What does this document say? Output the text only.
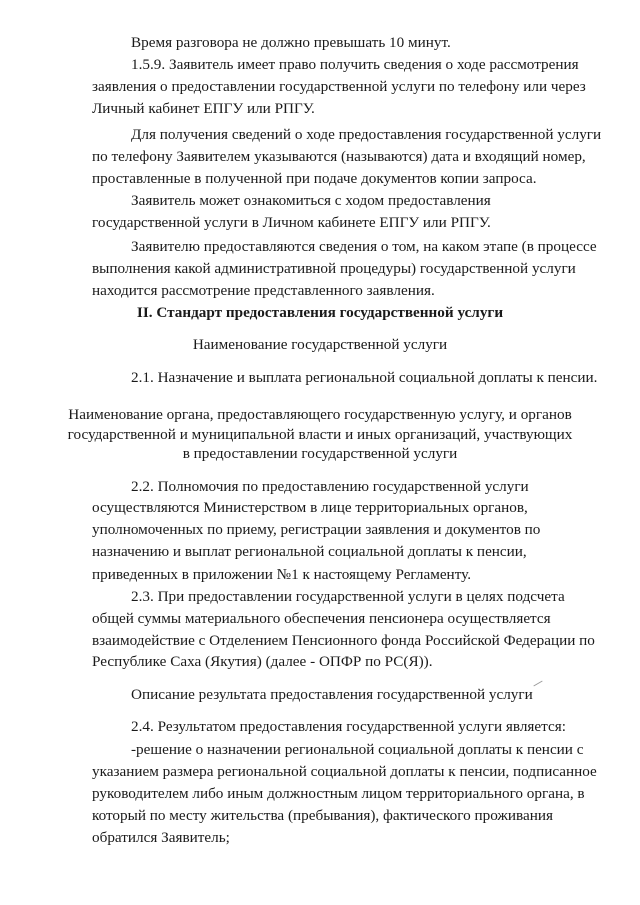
Время разговора не должно превышать 10 минут.
1.5.9. Заявитель имеет право получить сведения о ходе рассмотрения
заявления о предоставлении государственной услуги по телефону или через
Личный кабинет ЕПГУ или РПГУ.
Для получения сведений о ходе предоставления государственной услуги
по телефону Заявителем указываются (называются) дата и входящий номер,
проставленные в полученной при подаче документов копии запроса.
Заявитель может ознакомиться с ходом предоставления
государственной услуги в Личном кабинете ЕПГУ или РПГУ.
Заявителю предоставляются сведения о том, на каком этапе (в процессе
выполнения какой административной процедуры) государственной услуги
находится рассмотрение представленного заявления.
II. Стандарт предоставления государственной услуги
Наименование государственной услуги
2.1. Назначение и выплата региональной социальной доплаты к пенсии.
Наименование органа, предоставляющего государственную услугу, и органов
государственной и муниципальной власти и иных организаций, участвующих
в предоставлении государственной услуги
2.2. Полномочия по предоставлению государственной услуги
осуществляются Министерством в лице территориальных органов,
уполномоченных по приему, регистрации заявления и документов по
назначению и выплат региональной социальной доплаты к пенсии,
приведенных в приложении №1 к настоящему Регламенту.
2.3. При предоставлении государственной услуги в целях подсчета
общей суммы материального обеспечения пенсионера осуществляется
взаимодействие с Отделением Пенсионного фонда Российской Федерации по
Республике Саха (Якутия) (далее - ОПФР по РС(Я)).
Описание результата предоставления государственной услуги
2.4. Результатом предоставления государственной услуги является:
-решение о назначении региональной социальной доплаты к пенсии с
указанием размера региональной социальной доплаты к пенсии, подписанное
руководителем либо иным должностным лицом территориального органа, в
который по месту жительства (пребывания), фактического проживания
обратился Заявитель;
